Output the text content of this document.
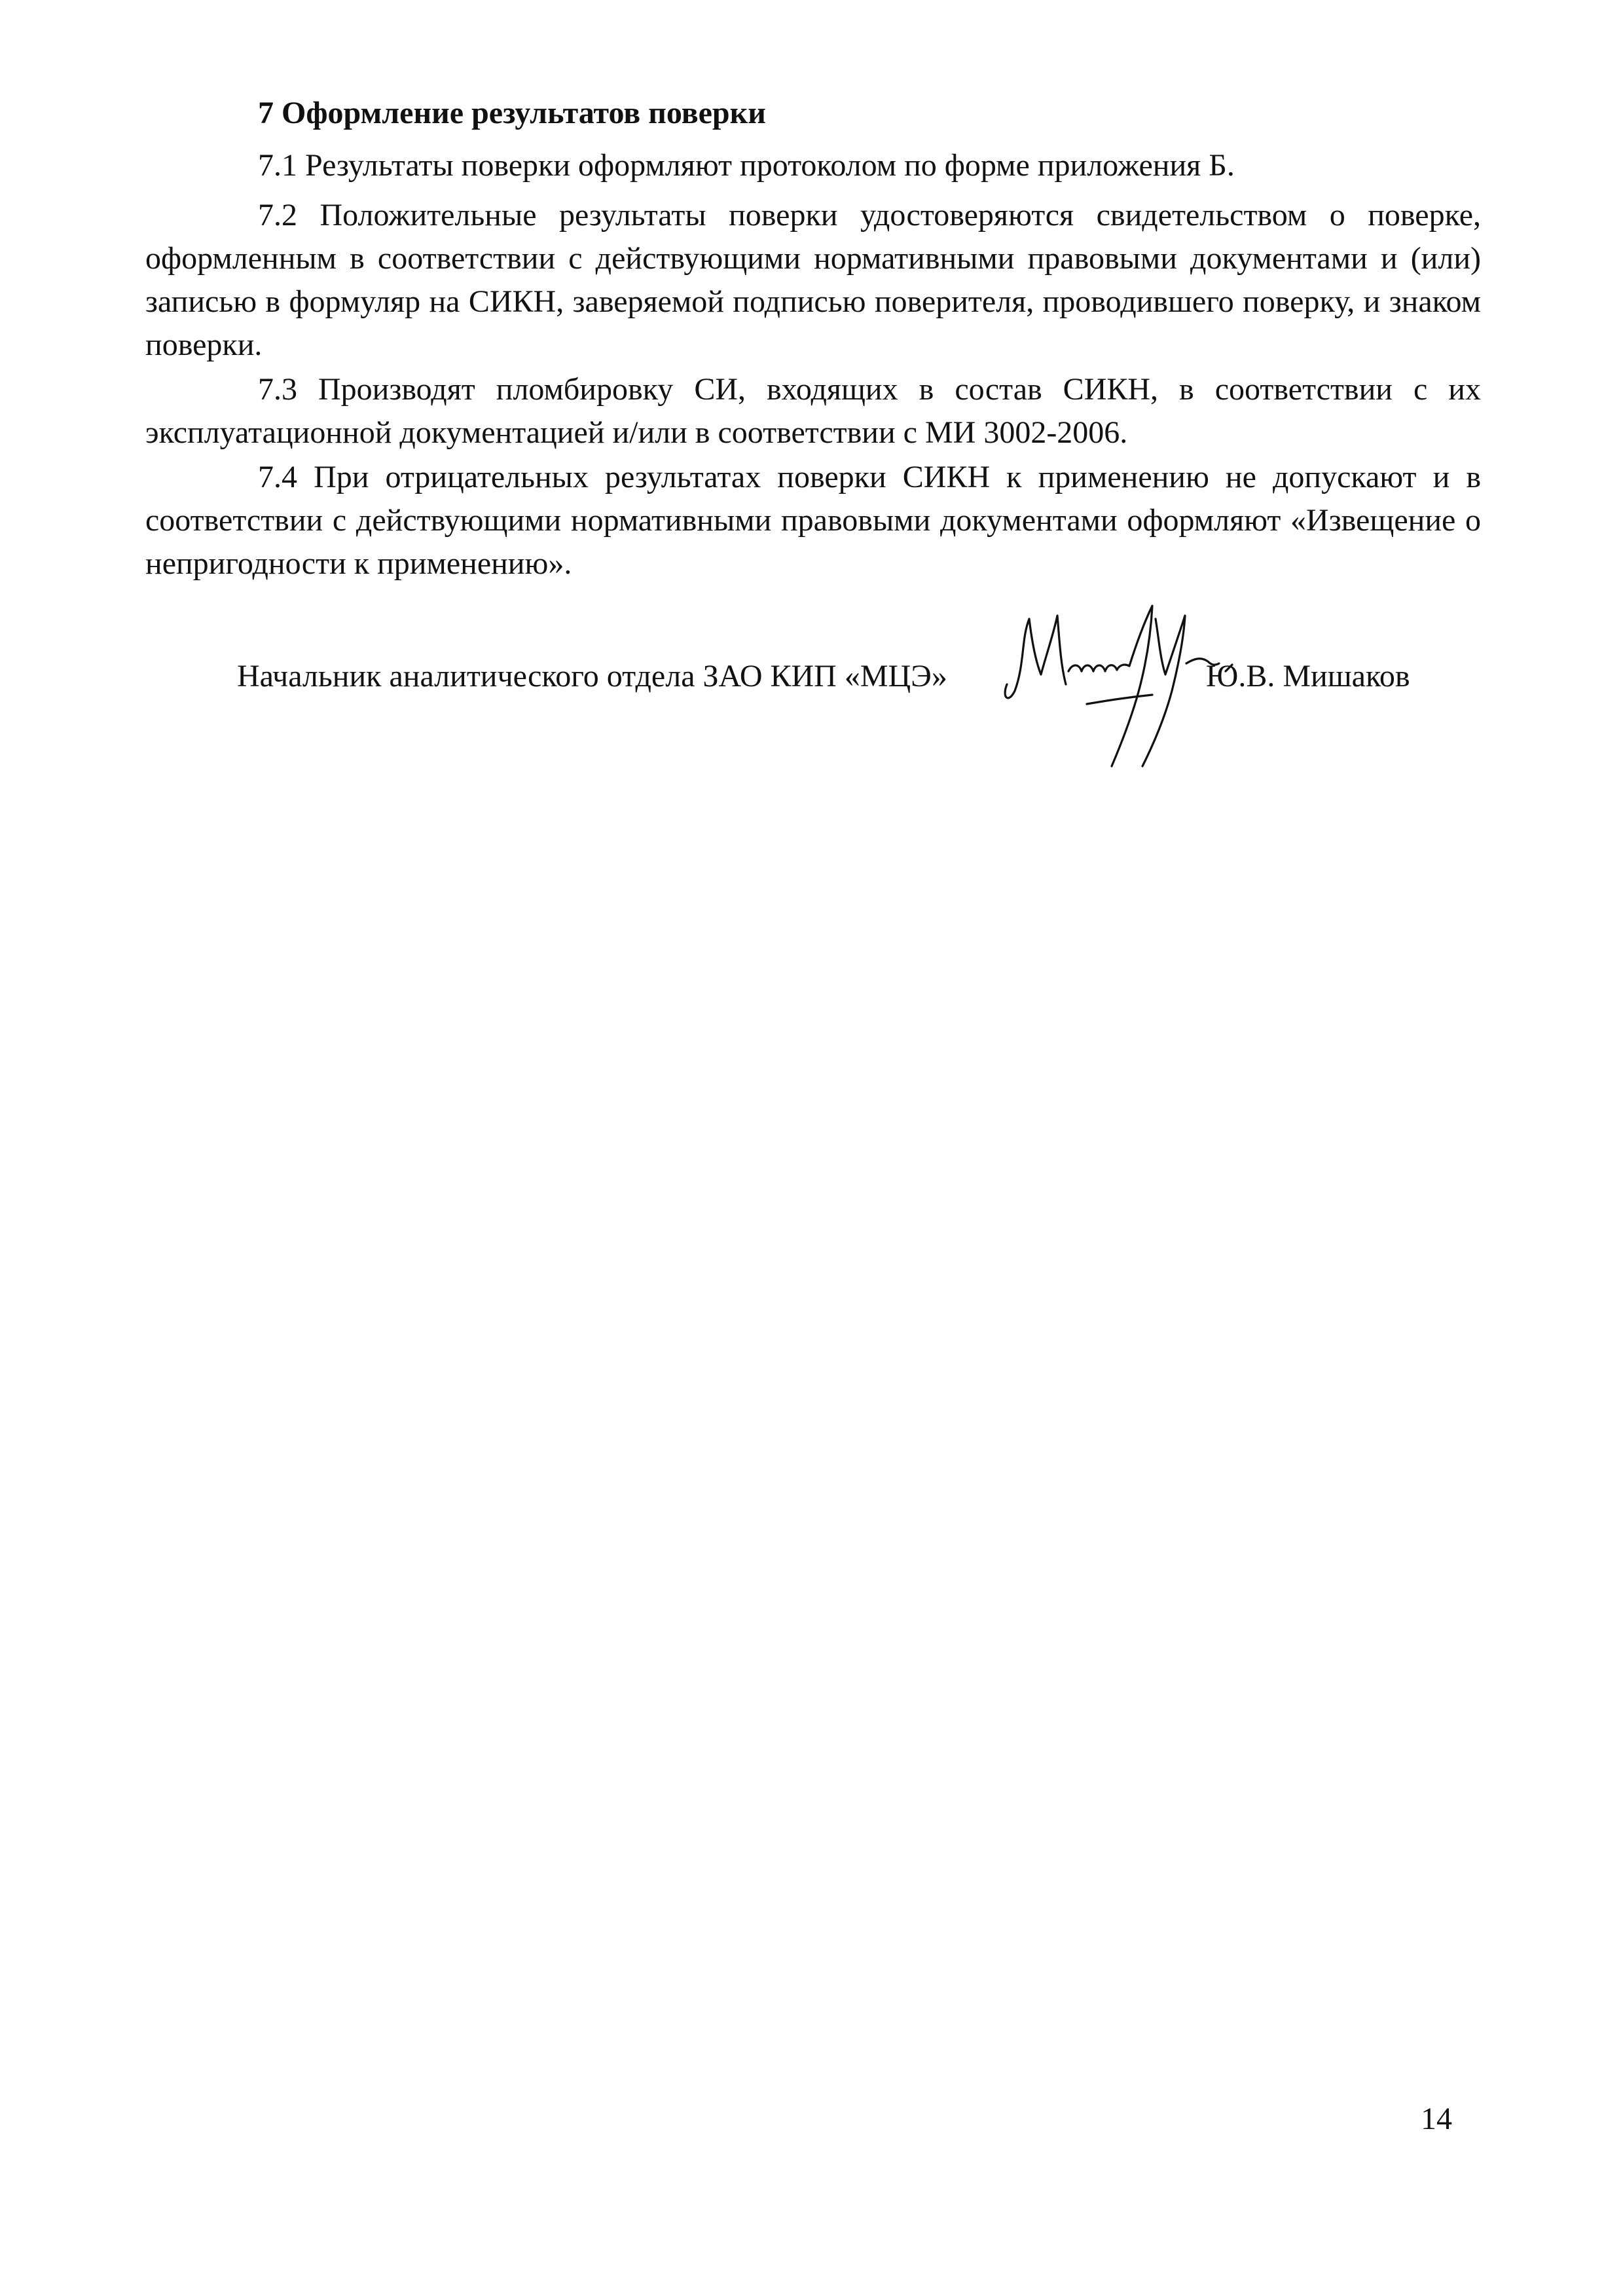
7 Оформление результатов поверки

7.1 Результаты поверки оформляют протоколом по форме приложения Б.

7.2 Положительные результаты поверки удостоверяются свидетельством о поверке, оформленным в соответствии с действующими нормативными правовыми документами и (или) записью в формуляр на СИКН, заверяемой подписью поверителя, проводившего поверку, и знаком поверки.

7.3 Производят пломбировку СИ, входящих в состав СИКН, в соответствии с их эксплуатационной документацией и/или в соответствии с МИ 3002-2006.

7.4 При отрицательных результатах поверки СИКН к применению не допускают и в соответствии с действующими нормативными правовыми документами оформляют «Извещение о непригодности к применению».

Начальник аналитического отдела ЗАО КИП «МЦЭ»	Ю.В. Мишаков
14
